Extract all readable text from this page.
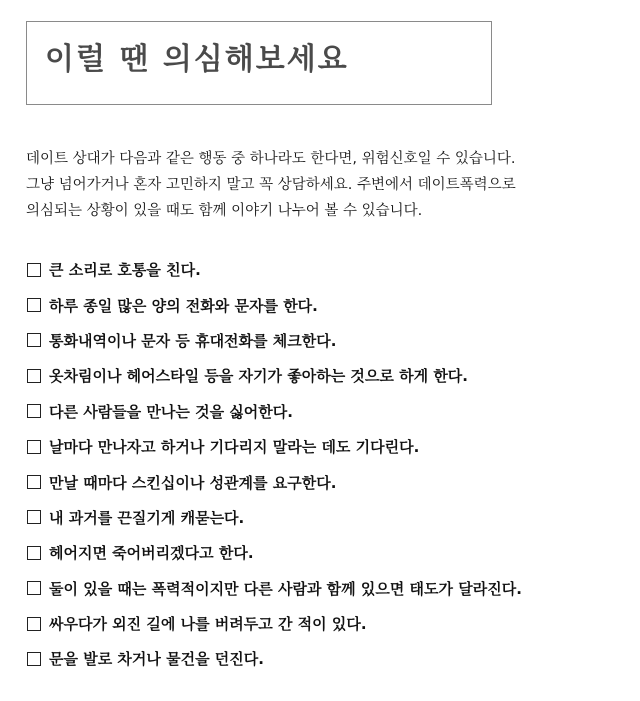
이럴 땐 의심해보세요

데이트 상대가 다음과 같은 행동 중 하나라도 한다면, 위험신호일 수 있습니다.

그냥 넘어가거나 혼자 고민하지 말고 꼭 상담하세요. 주변에서 데이트폭력으로

의심되는 상황이 있을 때도 함께 이야기 나누어 볼 수 있습니다.

큰 소리로 호통을 친다.
하루 종일 많은 양의 전화와 문자를 한다.
통화내역이나 문자 등 휴대전화를 체크한다.
옷차림이나 헤어스타일 등을 자기가 좋아하는 것으로 하게 한다.
다른 사람들을 만나는 것을 싫어한다.
날마다 만나자고 하거나 기다리지 말라는 데도 기다린다.
만날 때마다 스킨십이나 성관계를 요구한다.
내 과거를 끈질기게 캐묻는다.
헤어지면 죽어버리겠다고 한다.
둘이 있을 때는 폭력적이지만 다른 사람과 함께 있으면 태도가 달라진다.
싸우다가 외진 길에 나를 버려두고 간 적이 있다.
문을 발로 차거나 물건을 던진다.
